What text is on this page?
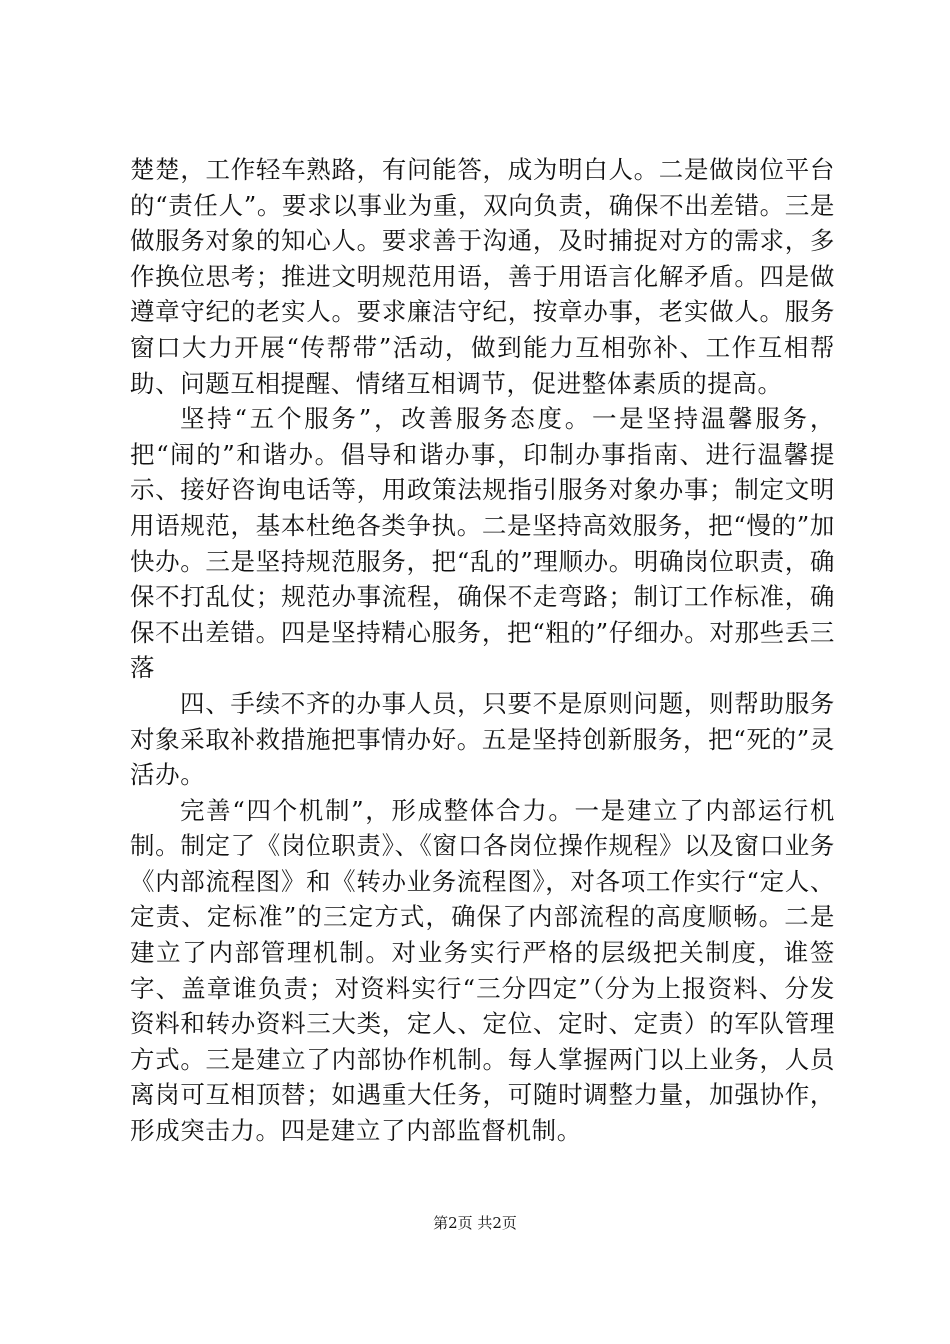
楚楚，工作轻车熟路，有问能答，成为明白人。二是做岗位平台的“责任人”。要求以事业为重，双向负责，确保不出差错。三是做服务对象的知心人。要求善于沟通，及时捕捉对方的需求，多作换位思考；推进文明规范用语，善于用语言化解矛盾。四是做遵章守纪的老实人。要求廉洁守纪，按章办事，老实做人。服务窗口大力开展“传帮带”活动，做到能力互相弥补、工作互相帮助、问题互相提醒、情绪互相调节，促进整体素质的提高。

坚持“五个服务”，改善服务态度。一是坚持温馨服务，把“闹的”和谐办。倡导和谐办事，印制办事指南、进行温馨提示、接好咨询电话等，用政策法规指引服务对象办事；制定文明用语规范，基本杜绝各类争执。二是坚持高效服务，把“慢的”加快办。三是坚持规范服务，把“乱的”理顺办。明确岗位职责，确保不打乱仗；规范办事流程，确保不走弯路；制订工作标准，确保不出差错。四是坚持精心服务，把“粗的”仔细办。对那些丢三落

四、手续不齐的办事人员，只要不是原则问题，则帮助服务对象采取补救措施把事情办好。五是坚持创新服务，把“死的”灵活办。

完善“四个机制”，形成整体合力。一是建立了内部运行机制。制定了《岗位职责》、《窗口各岗位操作规程》以及窗口业务《内部流程图》和《转办业务流程图》，对各项工作实行“定人、定责、定标准”的三定方式，确保了内部流程的高度顺畅。二是建立了内部管理机制。对业务实行严格的层级把关制度，谁签字、盖章谁负责；对资料实行“三分四定”（分为上报资料、分发资料和转办资料三大类，定人、定位、定时、定责）的军队管理方式。三是建立了内部协作机制。每人掌握两门以上业务，人员离岗可互相顶替；如遇重大任务，可随时调整力量，加强协作，形成突击力。四是建立了内部监督机制。

第2页 共2页
